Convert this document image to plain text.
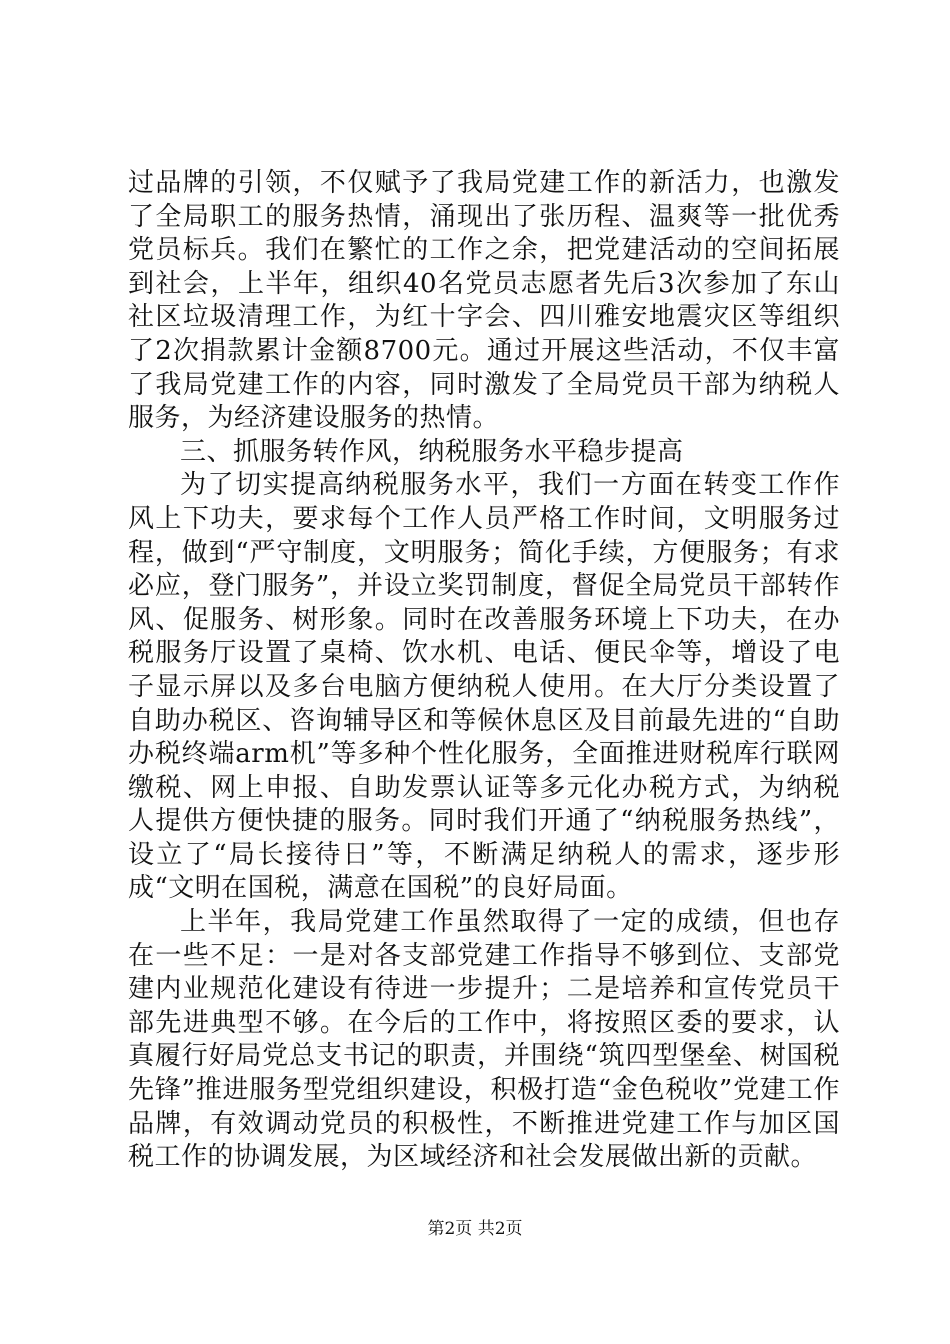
过品牌的引领，不仅赋予了我局党建工作的新活力，也激发了全局职工的服务热情，涌现出了张历程、温爽等一批优秀党员标兵。我们在繁忙的工作之余，把党建活动的空间拓展到社会，上半年，组织40名党员志愿者先后3次参加了东山社区垃圾清理工作，为红十字会、四川雅安地震灾区等组织了2次捐款累计金额8700元。通过开展这些活动，不仅丰富了我局党建工作的内容，同时激发了全局党员干部为纳税人服务，为经济建设服务的热情。

三、抓服务转作风，纳税服务水平稳步提高

为了切实提高纳税服务水平，我们一方面在转变工作作风上下功夫，要求每个工作人员严格工作时间，文明服务过程，做到“严守制度，文明服务；简化手续，方便服务；有求必应，登门服务”，并设立奖罚制度，督促全局党员干部转作风、促服务、树形象。同时在改善服务环境上下功夫，在办税服务厅设置了桌椅、饮水机、电话、便民伞等，增设了电子显示屏以及多台电脑方便纳税人使用。在大厅分类设置了自助办税区、咨询辅导区和等候休息区及目前最先进的“自助办税终端arm机”等多种个性化服务，全面推进财税库行联网缴税、网上申报、自助发票认证等多元化办税方式，为纳税人提供方便快捷的服务。同时我们开通了“纳税服务热线”，设立了“局长接待日”等，不断满足纳税人的需求，逐步形成“文明在国税，满意在国税”的良好局面。

上半年，我局党建工作虽然取得了一定的成绩，但也存在一些不足：一是对各支部党建工作指导不够到位、支部党建内业规范化建设有待进一步提升；二是培养和宣传党员干部先进典型不够。在今后的工作中，将按照区委的要求，认真履行好局党总支书记的职责，并围绕“筑四型堡垒、树国税先锋”推进服务型党组织建设，积极打造“金色税收”党建工作品牌，有效调动党员的积极性，不断推进党建工作与加区国税工作的协调发展，为区域经济和社会发展做出新的贡献。

第2页 共2页
